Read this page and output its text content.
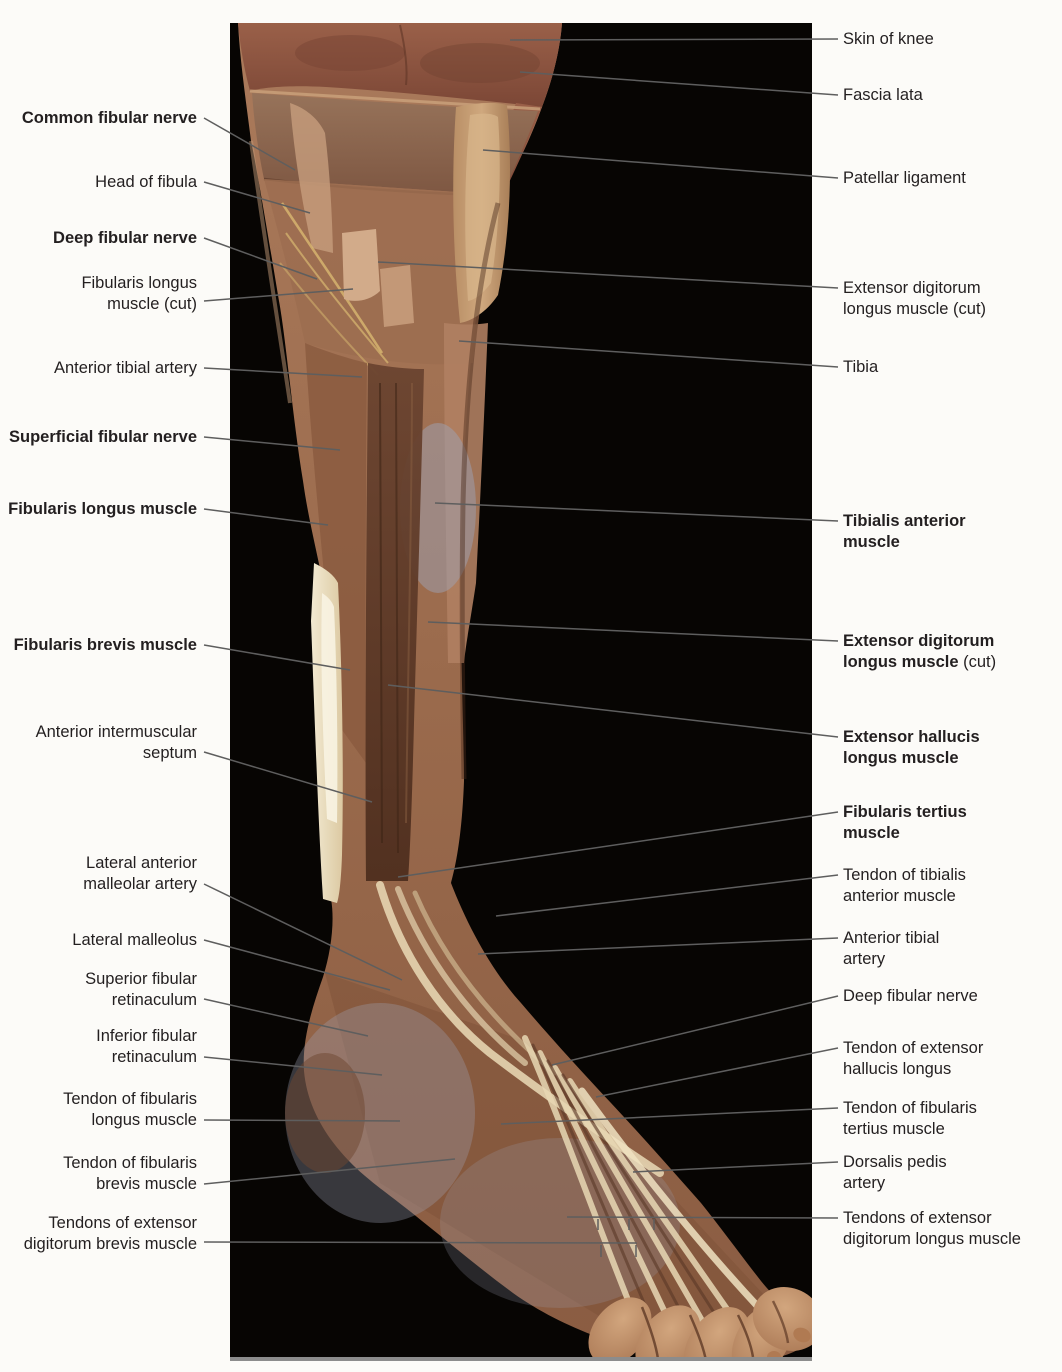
Common fibular nerve
Head of fibula
Deep fibular nerve
Fibularis longus
muscle (cut)
Anterior tibial artery
Superficial fibular nerve
Fibularis longus muscle
Fibularis brevis muscle
Anterior intermuscular
septum
Lateral anterior
malleolar artery
Lateral malleolus
Superior fibular
retinaculum
Inferior fibular
retinaculum
Tendon of fibularis
longus muscle
Tendon of fibularis
brevis muscle
Tendons of extensor
digitorum brevis muscle
Skin of knee
Fascia lata
Patellar ligament
Extensor digitorum
longus muscle (cut)
Tibia
Tibialis anterior
muscle
Extensor digitorum
longus muscle (cut)
Extensor hallucis
longus muscle
Fibularis tertius
muscle
Tendon of tibialis
anterior muscle
Anterior tibial
artery
Deep fibular nerve
Tendon of extensor
hallucis longus
Tendon of fibularis
tertius muscle
Dorsalis pedis
artery
Tendons of extensor
digitorum longus muscle
